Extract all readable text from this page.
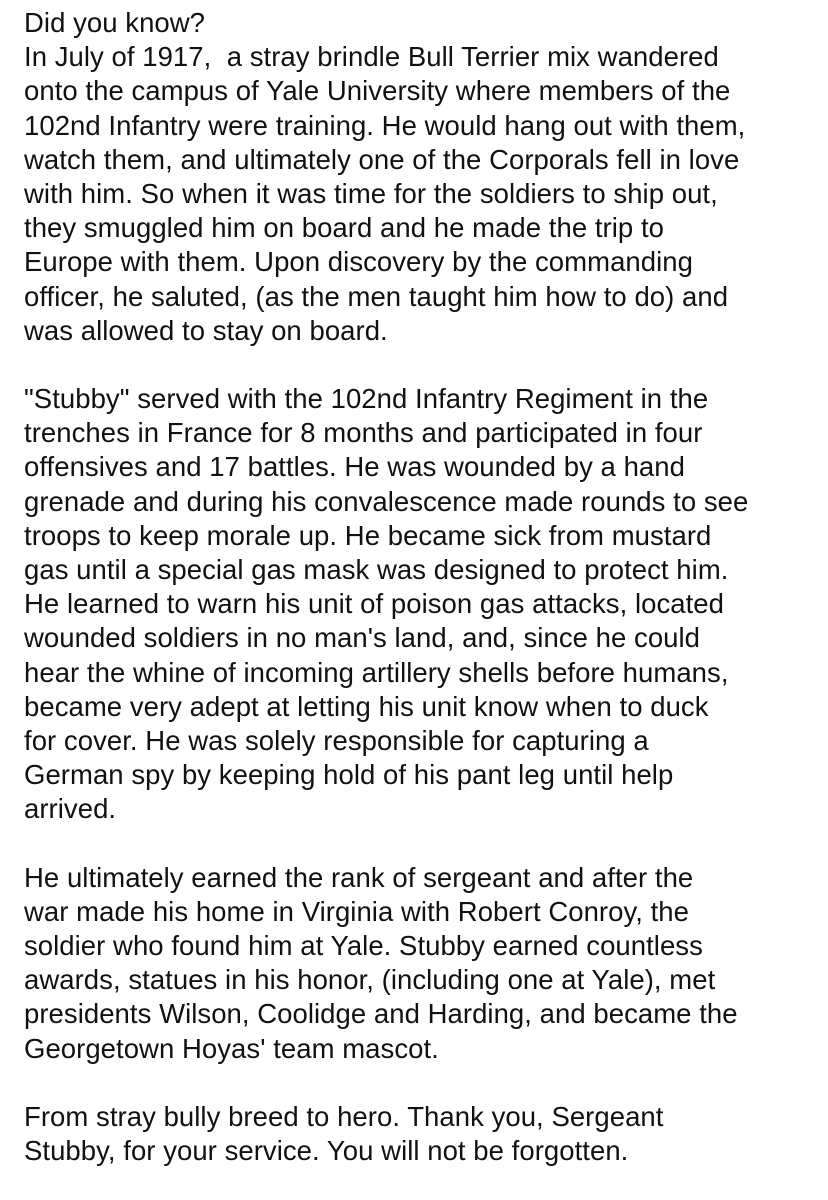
Did you know?
In July of 1917,  a stray brindle Bull Terrier mix wandered
onto the campus of Yale University where members of the
102nd Infantry were training. He would hang out with them,
watch them, and ultimately one of the Corporals fell in love
with him. So when it was time for the soldiers to ship out,
they smuggled him on board and he made the trip to
Europe with them. Upon discovery by the commanding
officer, he saluted, (as the men taught him how to do) and
was allowed to stay on board.
"Stubby" served with the 102nd Infantry Regiment in the
trenches in France for 8 months and participated in four
offensives and 17 battles. He was wounded by a hand
grenade and during his convalescence made rounds to see
troops to keep morale up. He became sick from mustard
gas until a special gas mask was designed to protect him.
He learned to warn his unit of poison gas attacks, located
wounded soldiers in no man's land, and, since he could
hear the whine of incoming artillery shells before humans,
became very adept at letting his unit know when to duck
for cover. He was solely responsible for capturing a
German spy by keeping hold of his pant leg until help
arrived.
He ultimately earned the rank of sergeant and after the
war made his home in Virginia with Robert Conroy, the
soldier who found him at Yale. Stubby earned countless
awards, statues in his honor, (including one at Yale), met
presidents Wilson, Coolidge and Harding, and became the
Georgetown Hoyas' team mascot.
From stray bully breed to hero. Thank you, Sergeant
Stubby, for your service. You will not be forgotten.
